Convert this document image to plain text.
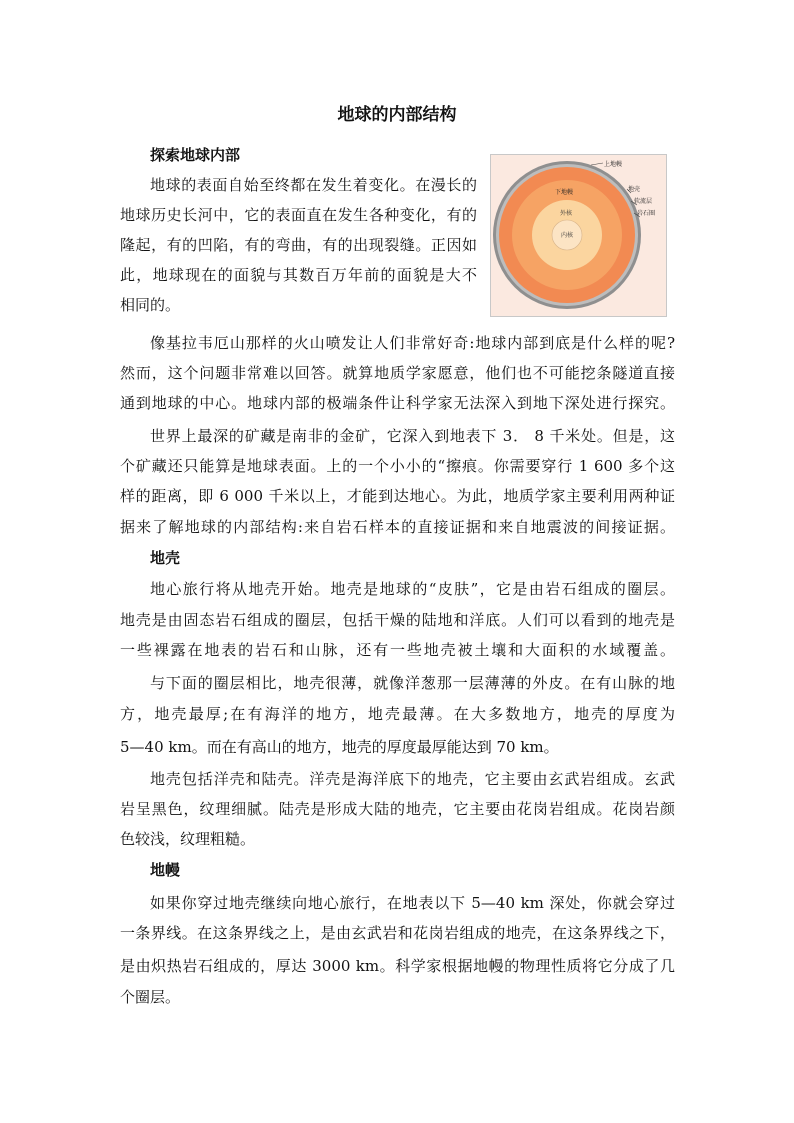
地球的内部结构
探索地球内部
地球的表面自始至终都在发生着变化。在漫长的
地球历史长河中，它的表面直在发生各种变化，有的
隆起，有的凹陷，有的弯曲，有的出现裂缝。正因如
此，地球现在的面貌与其数百万年前的面貌是大不
相同的。
上地幔
下地幔
外核
内核
地壳
软流层
岩石圈
像基拉韦厄山那样的火山喷发让人们非常好奇:地球内部到底是什么样的呢?
然而，这个问题非常难以回答。就算地质学家愿意，他们也不可能挖条隧道直接
通到地球的中心。地球内部的极端条件让科学家无法深入到地下深处进行探究。
世界上最深的矿藏是南非的金矿，它深入到地表下 3． 8 千米处。但是，这
个矿藏还只能算是地球表面。上的一个小小的“擦痕。你需要穿行 1 600 多个这
样的距离，即 6 000 千米以上，才能到达地心。为此，地质学家主要利用两种证
据来了解地球的内部结构:来自岩石样本的直接证据和来自地震波的间接证据。
地壳
地心旅行将从地壳开始。地壳是地球的“皮肤”，它是由岩石组成的圈层。
地壳是由固态岩石组成的圈层，包括干燥的陆地和洋底。人们可以看到的地壳是
一些裸露在地表的岩石和山脉，还有一些地壳被土壤和大面积的水域覆盖。
与下面的圈层相比，地壳很薄，就像洋葱那一层薄薄的外皮。在有山脉的地
方，地壳最厚;在有海洋的地方，地壳最薄。在大多数地方，地壳的厚度为
5—40 km。而在有高山的地方，地壳的厚度最厚能达到 70 km。
地壳包括洋壳和陆壳。洋壳是海洋底下的地壳，它主要由玄武岩组成。玄武
岩呈黑色，纹理细腻。陆壳是形成大陆的地壳，它主要由花岗岩组成。花岗岩颜
色较浅，纹理粗糙。
地幔
如果你穿过地壳继续向地心旅行，在地表以下 5—40 km 深处，你就会穿过
一条界线。在这条界线之上，是由玄武岩和花岗岩组成的地壳，在这条界线之下，
是由炽热岩石组成的，厚达 3000 km。科学家根据地幔的物理性质将它分成了几
个圈层。
